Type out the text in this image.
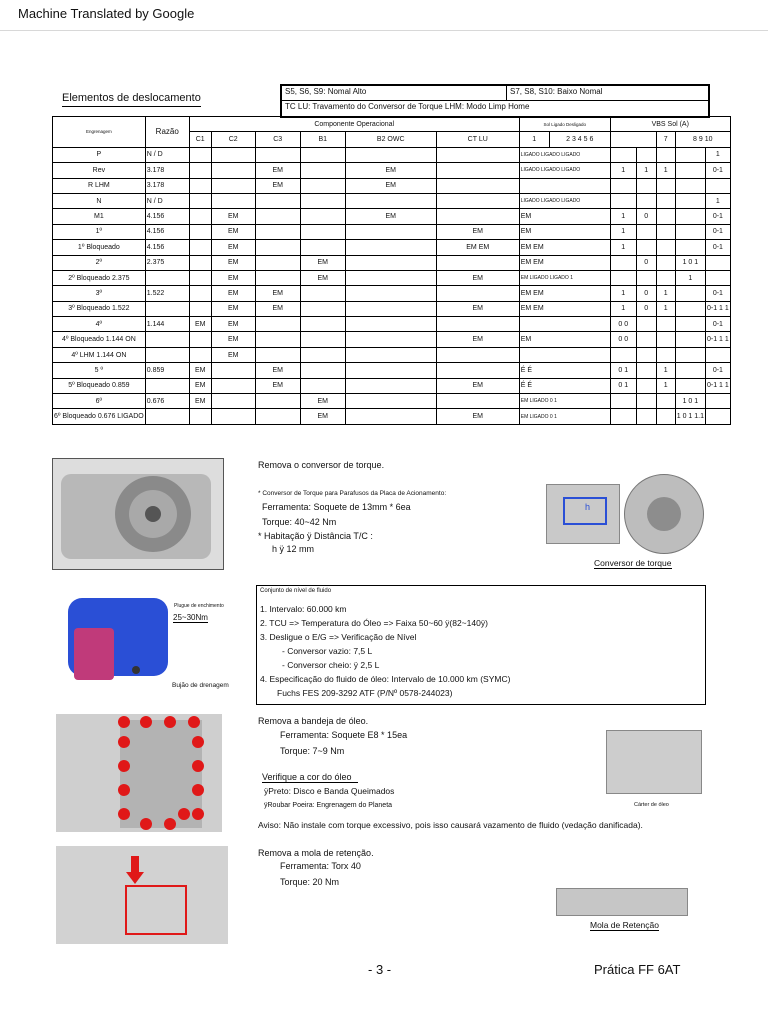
Machine Translated by Google
Elementos de deslocamento
S5, S6, S9: Nomal Alto	S7, S8, S10: Baixo Nomal
TC LU: Travamento do Conversor de Torque LHM: Modo Limp Home
Engrenagem	Razão	Componente Operacional						Sol Ligado Desligado		VBS Sol (A)				
		C1	C2	C3	B1	B2 OWC	CT LU	1	2 3 4 5 6			7	8 9 10	
P	N / D							LIGADO LIGADO LIGADO						1
Rev	3.178			EM		EM		LIGADO LIGADO LIGADO		1	1	1		0-1
R LHM	3.178			EM		EM								
N	N / D							LIGADO LIGADO LIGADO						1
M1	4.156		EM			EM		EM		1	0			0-1
1º	4.156		EM				EM	EM		1				0-1
1º Bloqueado	4.156		EM				EM EM	EM EM		1				0-1
2º	2.375		EM		EM			EM EM			0		1 0 1	
2º Bloqueado 2.375			EM		EM		EM	EM LIGADO LIGADO 1					1	
3º	1.522		EM	EM				EM EM		1	0	1		0-1
3º Bloqueado 1.522			EM	EM			EM	EM EM		1	0	1		0-1 1 1
4º	1.144	EM	EM							0 0				0-1
4º Bloqueado 1.144 ON			EM				EM	EM		0 0				0-1 1 1
4º LHM 1.144 ON			EM											
5 º	0.859	EM		EM				É É		0 1		1		0-1
5º Bloqueado 0.859		EM		EM			EM	É É		0 1		1		0-1 1 1
6º	0.676	EM			EM			EM LIGADO 0 1					1 0 1	
6º Bloqueado 0.676 LIGADO					EM		EM	EM LIGADO 0 1					1 0 1 1.1	
Remova o conversor de torque.
* Conversor de Torque para Parafusos da Placa de Acionamento:
Ferramenta: Soquete de 13mm * 6ea
Torque: 40~42 Nm
* Habitação ÿ Distância T/C :
h ÿ 12 mm
h
Conversor de torque
Plugue de enchimento
25~30Nm
Bujão de drenagem
Conjunto de nível de fluido
1. Intervalo: 60.000 km
2. TCU => Temperatura do Óleo => Faixa 50~60 ÿ(82~140ÿ)
3. Desligue o E/G => Verificação de Nível
- Conversor vazio: 7,5 L
- Conversor cheio: ÿ 2,5 L
4. Especificação do fluido de óleo: Intervalo de 10.000 km (SYMC)
Fuchs FES 209-3292 ATF (P/Nº 0578-244023)
Remova a bandeja de óleo.
Ferramenta: Soquete E8 * 15ea
Torque: 7~9 Nm
Verifique a cor do óleo
ÿPreto: Disco e Banda Queimados
ÿRoubar Poeira: Engrenagem do Planeta
Aviso: Não instale com torque excessivo, pois isso causará vazamento de fluido (vedação danificada).
Cárter de óleo
Remova a mola de retenção.
Ferramenta: Torx 40
Torque: 20 Nm
Mola de Retenção
- 3 -	Prática FF 6AT
